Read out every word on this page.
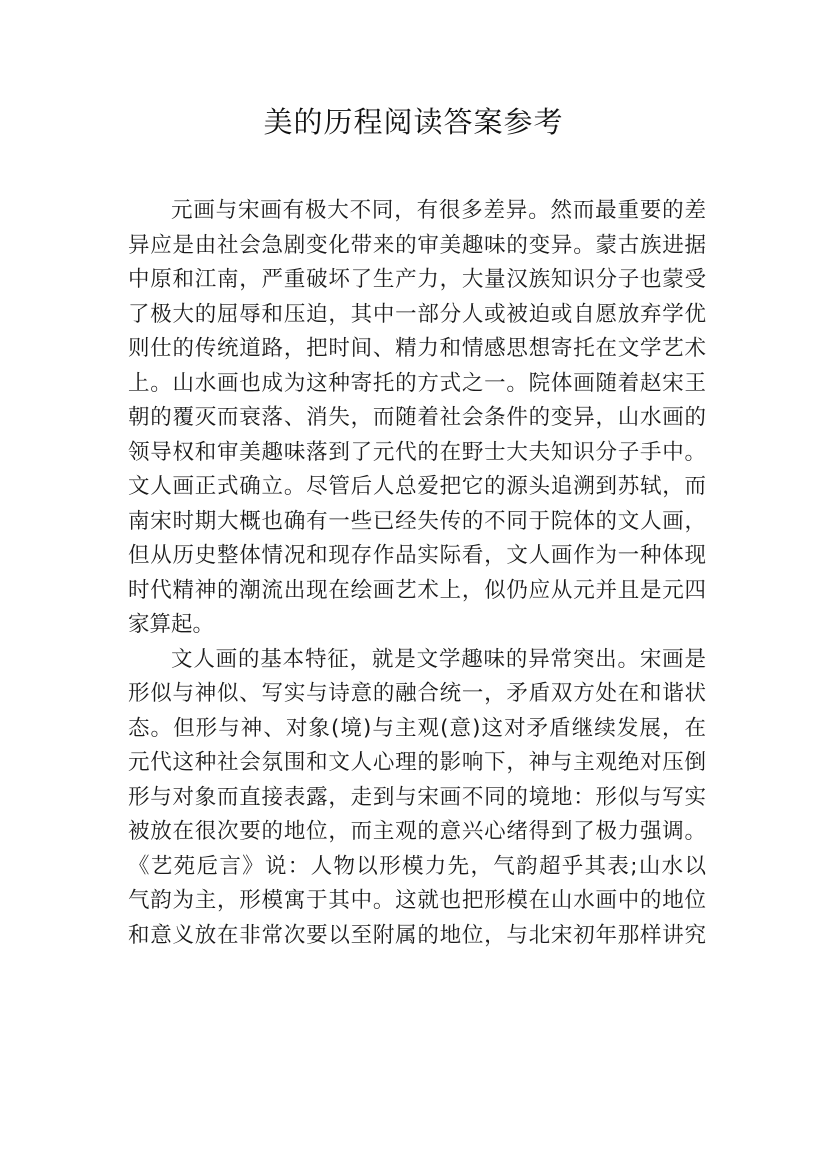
美的历程阅读答案参考
元画与宋画有极大不同，有很多差异。然而最重要的差
异应是由社会急剧变化带来的审美趣味的变异。蒙古族进据
中原和江南，严重破坏了生产力，大量汉族知识分子也蒙受
了极大的屈辱和压迫，其中一部分人或被迫或自愿放弃学优
则仕的传统道路，把时间、精力和情感思想寄托在文学艺术
上。山水画也成为这种寄托的方式之一。院体画随着赵宋王
朝的覆灭而衰落、消失，而随着社会条件的变异，山水画的
领导权和审美趣味落到了元代的在野士大夫知识分子手中。
文人画正式确立。尽管后人总爱把它的源头追溯到苏轼，而
南宋时期大概也确有一些已经失传的不同于院体的文人画，
但从历史整体情况和现存作品实际看，文人画作为一种体现
时代精神的潮流出现在绘画艺术上，似仍应从元并且是元四
家算起。
文人画的基本特征，就是文学趣味的异常突出。宋画是
形似与神似、写实与诗意的融合统一，矛盾双方处在和谐状
态。但形与神、对象(境)与主观(意)这对矛盾继续发展，在
元代这种社会氛围和文人心理的影响下，神与主观绝对压倒
形与对象而直接表露，走到与宋画不同的境地：形似与写实
被放在很次要的地位，而主观的意兴心绪得到了极力强调。
《艺苑卮言》说：人物以形模力先，气韵超乎其表;山水以
气韵为主，形模寓于其中。这就也把形模在山水画中的地位
和意义放在非常次要以至附属的地位，与北宋初年那样讲究
